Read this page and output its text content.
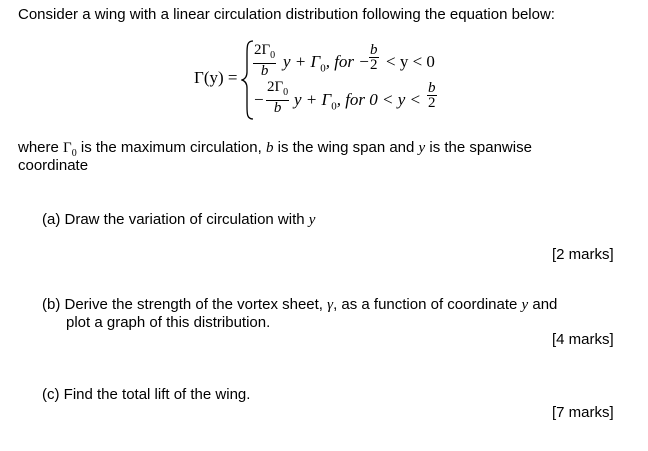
Consider a wing with a linear circulation distribution following the equation below:
$\Gamma(y) = \frac{2\Gamma_0}{b}$ $y + \Gamma_0$, for − $\frac{b}{2} < y < 0$
− $\frac{2\Gamma_0}{b}$ $y + \Gamma_0$, for $0 < y < \frac{b}{2}$
where $\Gamma_0$ is the maximum circulation, b is the wing span and y is the spanwise
coordinate
(a) Draw the variation of circulation with y
[2 marks]
(b) Derive the strength of the vortex sheet, γ, as a function of coordinate y and
plot a graph of this distribution.
[4 marks]
(c) Find the total lift of the wing.
[7 marks]
